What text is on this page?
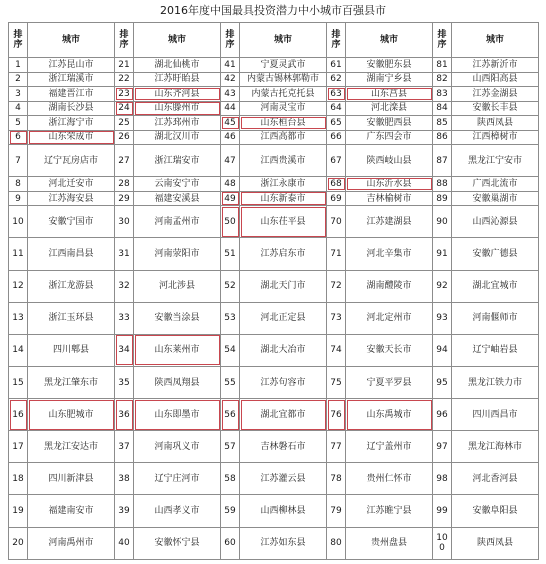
2016年度中国最具投资潜力中小城市百强县市
排序	城市	排序	城市	排序	城市	排序	城市	排序	城市
1	江苏昆山市	21	湖北仙桃市	41	宁夏灵武市	61	安徽肥东县	81	江苏新沂市
2	浙江瑞溪市	22	江苏盱眙县	42	内蒙古锡林郭勒市	62	湖南宁乡县	82	山西阳高县
3	福建晋江市	23	山东齐河县	43	内蒙古托克托县	63	山东莒县	83	江苏金湖县
4	湖南长沙县	24	山东滕州市	44	河南灵宝市	64	河北滦县	84	安徽长丰县
5	浙江海宁市	25	江苏邳州市	45	山东桓台县	65	安徽肥西县	85	陕西凤县
6	山东荣成市	26	湖北汉川市	46	江西高都市	66	广东四会市	86	江西樟树市
7	辽宁瓦房店市	27	浙江瑞安市	47	江西贵溪市	67	陕西岐山县	87	黑龙江宁安市
8	河北迁安市	28	云南安宁市	48	浙江永康市	68	山东沂水县	88	广西北流市
9	江苏海安县	29	福建安溪县	49	山东新泰市	69	吉林榆树市	89	安徽巢湖市
10	安徽宁国市	30	河南孟州市	50	山东茌平县	70	江苏建湖县	90	山西沁源县
11	江西南昌县	31	河南荥阳市	51	江苏启东市	71	河北辛集市	91	安徽广德县
12	浙江龙游县	32	河北涉县	52	湖北天门市	72	湖南醴陵市	92	湖北宜城市
13	浙江玉环县	33	安徽当涂县	53	河北正定县	73	河北定州市	93	河南偃师市
14	四川郫县	34	山东莱州市	54	湖北大冶市	74	安徽天长市	94	辽宁岫岩县
15	黑龙江肇东市	35	陕西凤翔县	55	江苏句容市	75	宁夏平罗县	95	黑龙江铁力市
16	山东肥城市	36	山东即墨市	56	湖北宜都市	76	山东禹城市	96	四川西昌市
17	黑龙江安达市	37	河南巩义市	57	吉林磐石市	77	辽宁盖州市	97	黑龙江海林市
18	四川新津县	38	辽宁庄河市	58	江苏灌云县	78	贵州仁怀市	98	河北香河县
19	福建南安市	39	山西孝义市	59	山西柳林县	79	江苏睢宁县	99	安徽阜阳县
20	河南禹州市	40	安徽怀宁县	60	江苏如东县	80	贵州盘县	100	陕西凤县
